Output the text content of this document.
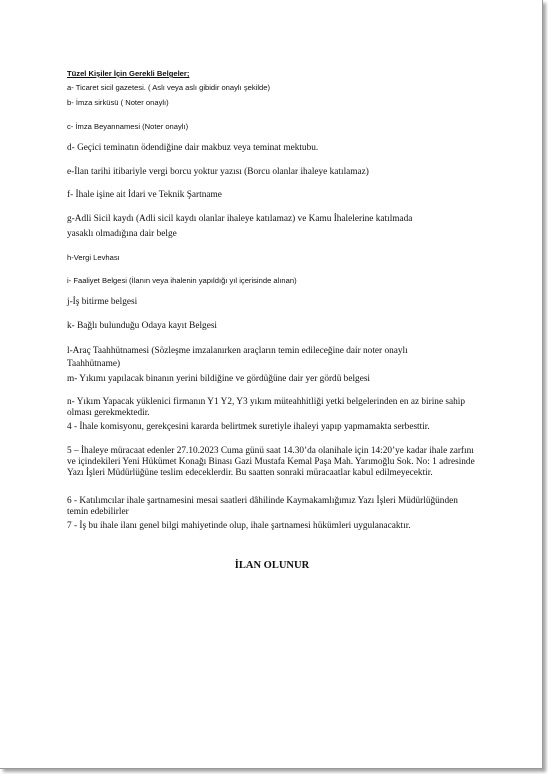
Tüzel Kişiler İçin Gerekli Belgeler;

a- Ticaret sicil gazetesi. ( Aslı veya aslı gibidir onaylı şekilde)

b- İmza sirküsü ( Noter onaylı)

c- İmza Beyannamesi (Noter onaylı)

d- Geçici teminatın ödendiğine dair makbuz veya teminat mektubu.

e-İlan tarihi itibariyle vergi borcu yoktur yazısı (Borcu olanlar ihaleye katılamaz)

f- İhale işine ait İdari ve Teknik Şartname

g-Adli Sicil kaydı (Adli sicil kaydı olanlar ihaleye katılamaz) ve Kamu İhalelerine katılmada

yasaklı olmadığına dair belge

h-Vergi Levhası

i- Faaliyet Belgesi (İlanın veya ihalenin yapıldığı yıl içerisinde alınan)

j-İş bitirme belgesi

k- Bağlı bulunduğu Odaya kayıt Belgesi

l-Araç Taahhütnamesi (Sözleşme imzalanırken araçların temin edileceğine dair noter onaylı

Taahhütname)

m- Yıkımı yapılacak binanın yerini bildiğine ve gördüğüne dair yer gördü belgesi

n- Yıkım Yapacak yüklenici firmanın Y1 Y2, Y3 yıkım müteahhitliği yetki belgelerinden en az birine sahip olması gerekmektedir.

4 - İhale komisyonu, gerekçesini kararda belirtmek suretiyle ihaleyi yapıp yapmamakta serbesttir.

5 – İhaleye müracaat edenler 27.10.2023 Cuma günü saat 14.30’da olanihale için 14:20’ye kadar ihale zarfını ve içindekileri Yeni Hükümet Konağı Binası Gazi Mustafa Kemal Paşa Mah. Yarımoğlu Sok. No: 1 adresinde Yazı İşleri Müdürlüğüne teslim edeceklerdir. Bu saatten sonraki müracaatlar kabul edilmeyecektir.

6 - Katılımcılar ihale şartnamesini mesai saatleri dâhilinde Kaymakamlığımız Yazı İşleri Müdürlüğünden temin edebilirler

7 - İş bu ihale ilanı genel bilgi mahiyetinde olup, ihale şartnamesi hükümleri uygulanacaktır.

İLAN OLUNUR
